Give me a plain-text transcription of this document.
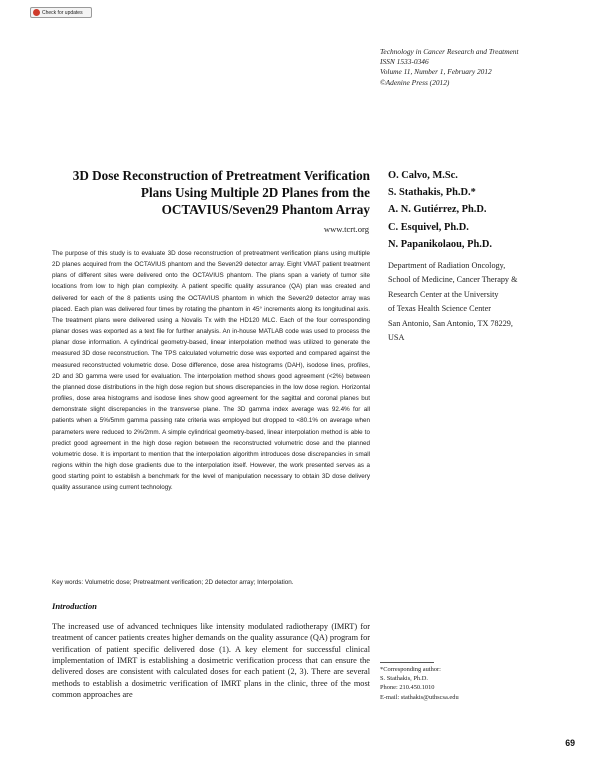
Check for updates
Technology in Cancer Research and Treatment
ISSN 1533-0346
Volume 11, Number 1, February 2012
©Adenine Press (2012)
3D Dose Reconstruction of Pretreatment Verification
Plans Using Multiple 2D Planes from the
OCTAVIUS/Seven29 Phantom Array
www.tcrt.org
O. Calvo, M.Sc.
S. Stathakis, Ph.D.*
A. N. Gutiérrez, Ph.D.
C. Esquivel, Ph.D.
N. Papanikolaou, Ph.D.
Department of Radiation Oncology,
School of Medicine, Cancer Therapy &
Research Center at the University
of Texas Health Science Center
San Antonio, San Antonio, TX 78229,
USA
The purpose of this study is to evaluate 3D dose reconstruction of pretreatment verification plans using multiple 2D planes acquired from the OCTAVIUS phantom and the Seven29 detector array. Eight VMAT patient treatment plans of different sites were delivered onto the OCTAVIUS phantom. The plans span a variety of tumor site locations from low to high plan complexity. A patient specific quality assurance (QA) plan was created and delivered for each of the 8 patients using the OCTAVIUS phantom in which the Seven29 detector array was placed. Each plan was delivered four times by rotating the phantom in 45° increments along its longitudinal axis. The treatment plans were delivered using a Novalis Tx with the HD120 MLC. Each of the four corresponding planar doses was exported as a text file for further analysis. An in-house MATLAB code was used to process the planar dose information. A cylindrical geometry-based, linear interpolation method was utilized to generate the measured 3D dose reconstruction. The TPS calculated volumetric dose was exported and compared against the measured reconstructed volumetric dose. Dose difference, dose area histograms (DAH), isodose lines, profiles, 2D and 3D gamma were used for evaluation. The interpolation method shows good agreement (<2%) between the planned dose distributions in the high dose region but shows discrepancies in the low dose region. Horizontal profiles, dose area histograms and isodose lines show good agreement for the sagittal and coronal planes but demonstrate slight discrepancies in the transverse plane. The 3D gamma index average was 92.4% for all patients when a 5%/5mm gamma passing rate criteria was employed but dropped to <80.1% on average when parameters were reduced to 2%/2mm. A simple cylindrical geometry-based, linear interpolation method is able to predict good agreement in the high dose region between the reconstructed volumetric dose and the planned volumetric dose. It is important to mention that the interpolation algorithm introduces dose discrepancies in small regions within the high dose gradients due to the interpolation itself. However, the work presented serves as a good starting point to establish a benchmark for the level of manipulation necessary to obtain 3D dose delivery quality assurance using current technology.
Key words: Volumetric dose; Pretreatment verification; 2D detector array; Interpolation.
Introduction
The increased use of advanced techniques like intensity modulated radiotherapy (IMRT) for treatment of cancer patients creates higher demands on the quality assurance (QA) program for verification of patient specific delivered dose (1). A key element for successful clinical implementation of IMRT is establishing a dosimetric verification process that can ensure the delivered doses are consistent with calculated doses for each patient (2, 3). There are several methods to establish a dosimetric verification of IMRT plans in the clinic, three of the most common approaches are
*Corresponding author:
S. Stathakis, Ph.D.
Phone: 210.450.1010
E-mail: stathakis@uthscsa.edu
69
